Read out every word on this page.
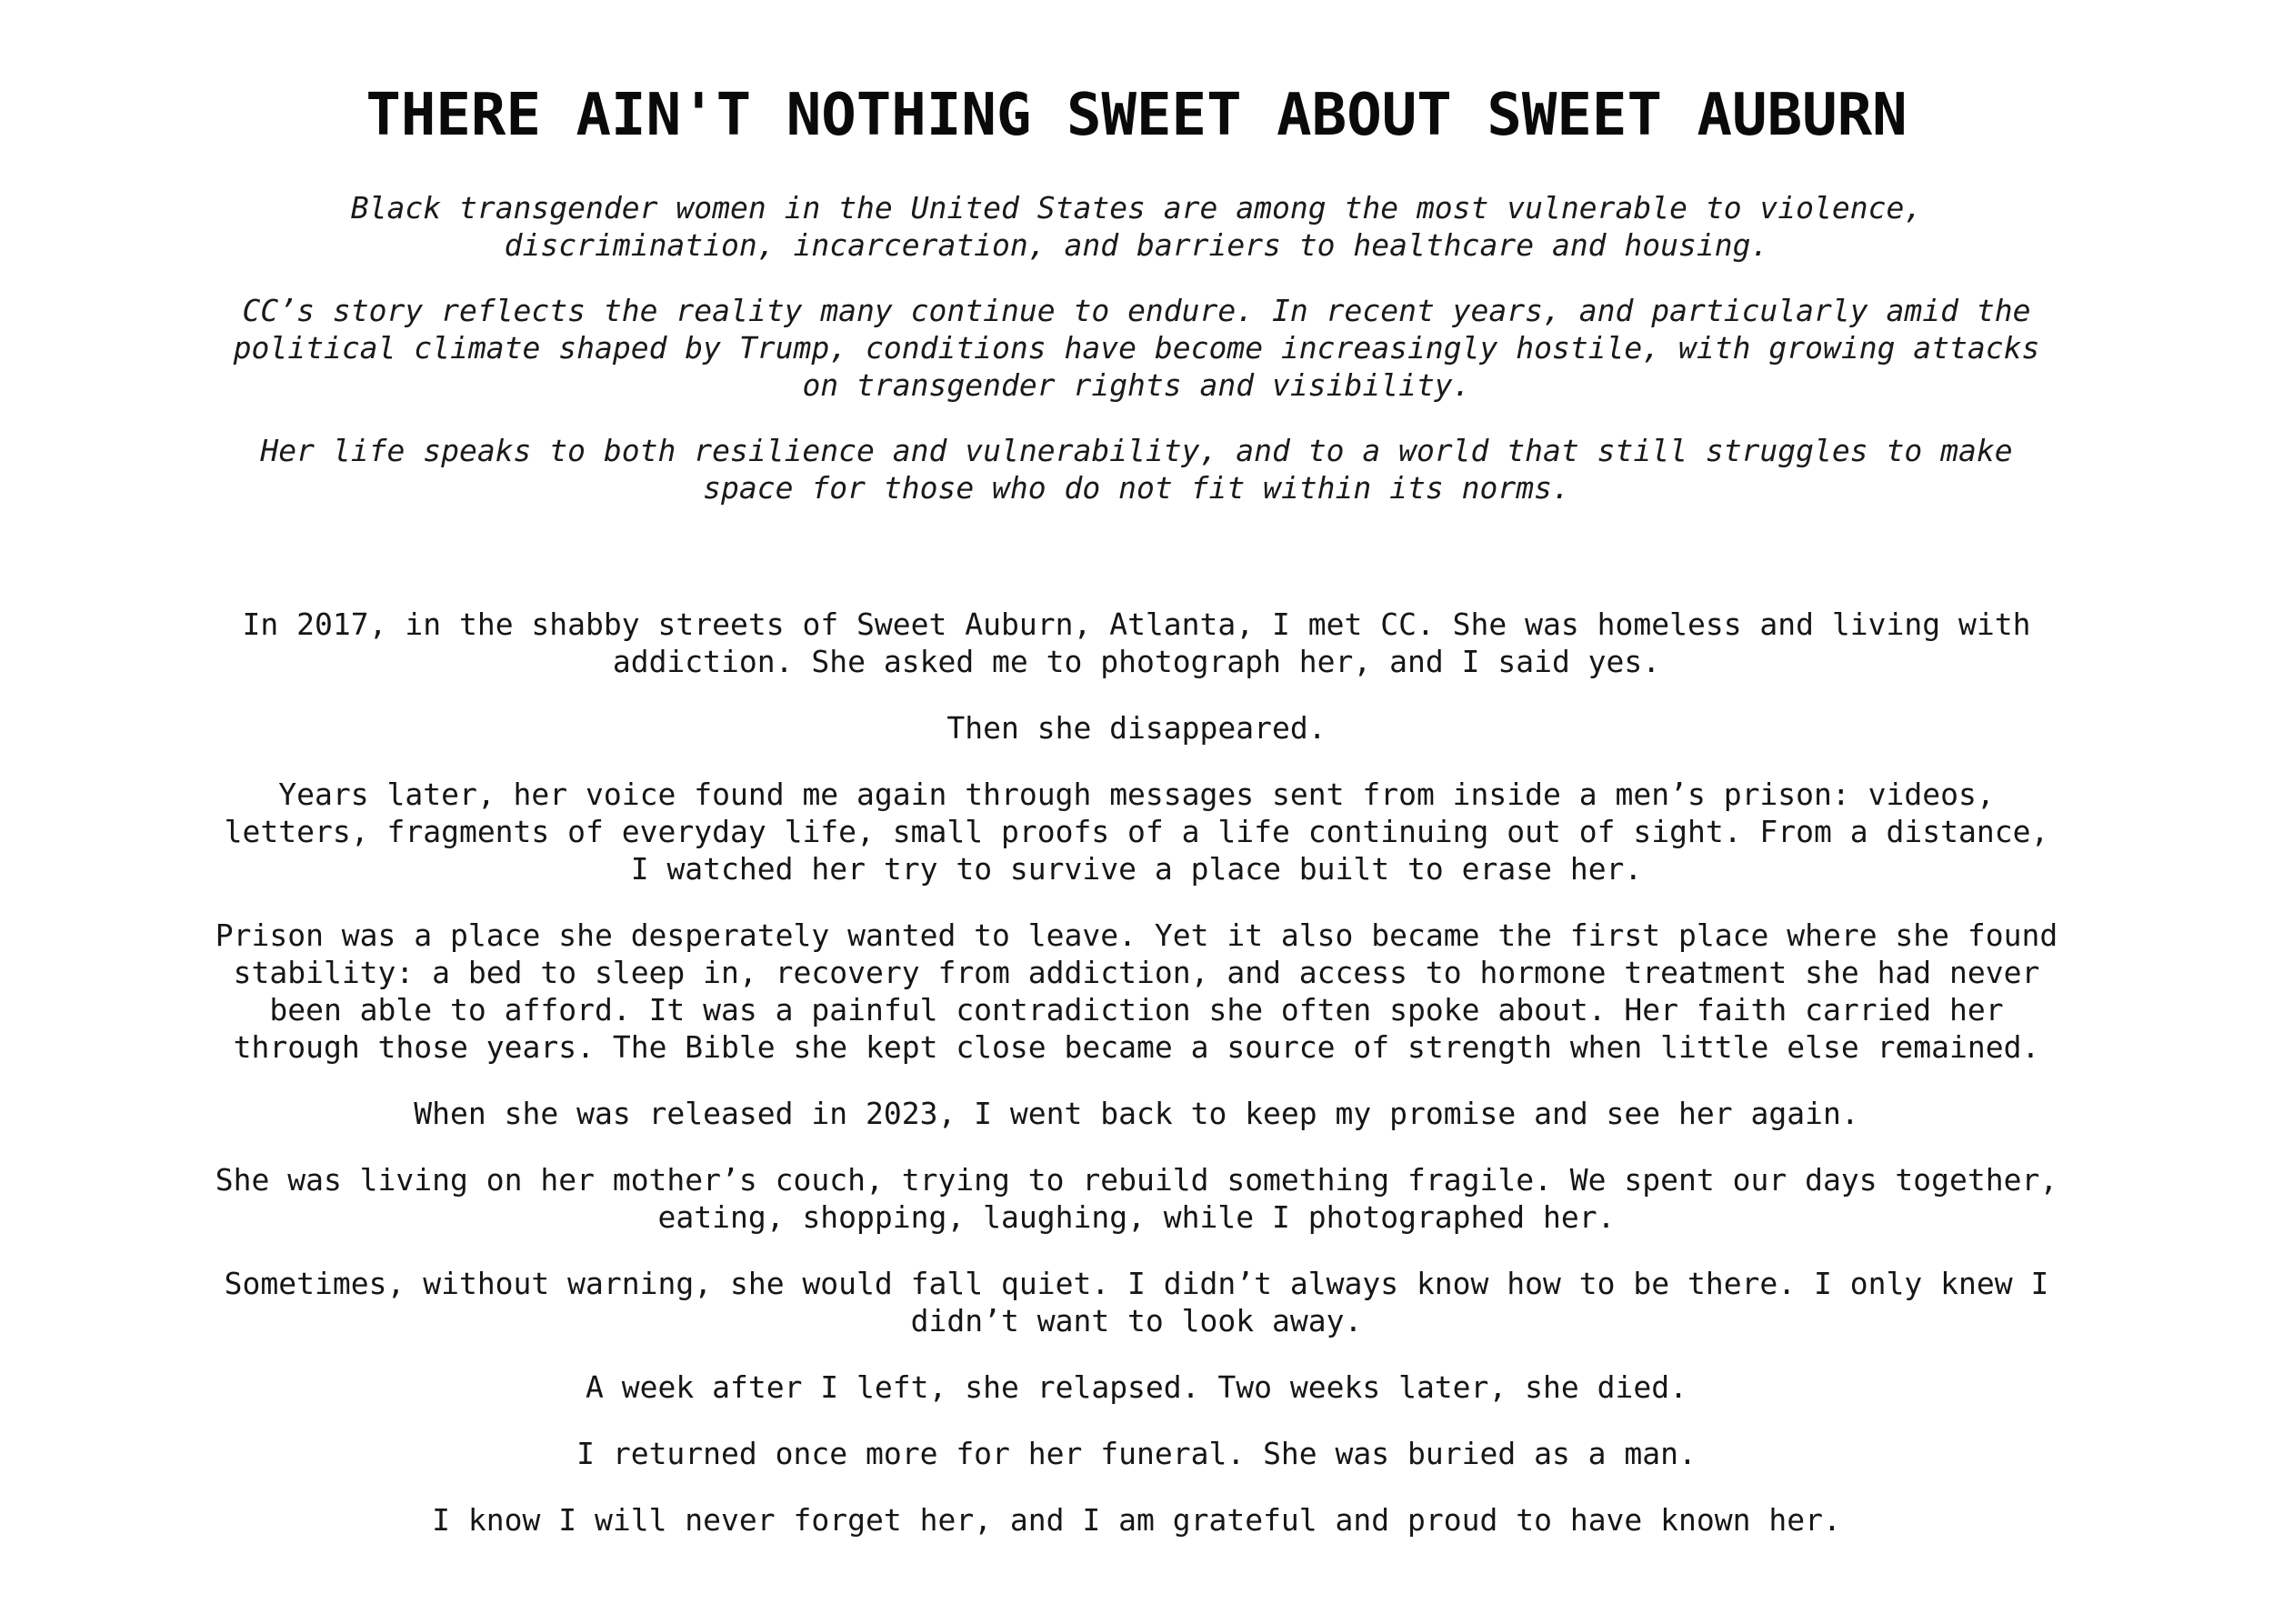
THERE AIN'T NOTHING SWEET ABOUT SWEET AUBURN

Black transgender women in the United States are among the most vulnerable to violence, discrimination, incarceration, and barriers to healthcare and housing.

CC’s story reflects the reality many continue to endure. In recent years, and particularly amid the political climate shaped by Trump, conditions have become increasingly hostile, with growing attacks on transgender rights and visibility.

Her life speaks to both resilience and vulnerability, and to a world that still struggles to make space for those who do not fit within its norms.

In 2017, in the shabby streets of Sweet Auburn, Atlanta, I met CC. She was homeless and living with addiction. She asked me to photograph her, and I said yes.

Then she disappeared.

Years later, her voice found me again through messages sent from inside a men’s prison: videos, letters, fragments of everyday life, small proofs of a life continuing out of sight. From a distance, I watched her try to survive a place built to erase her.

Prison was a place she desperately wanted to leave. Yet it also became the first place where she found stability: a bed to sleep in, recovery from addiction, and access to hormone treatment she had never been able to afford. It was a painful contradiction she often spoke about. Her faith carried her through those years. The Bible she kept close became a source of strength when little else remained.

When she was released in 2023, I went back to keep my promise and see her again.

She was living on her mother’s couch, trying to rebuild something fragile. We spent our days together, eating, shopping, laughing, while I photographed her.

Sometimes, without warning, she would fall quiet. I didn’t always know how to be there. I only knew I didn’t want to look away.

A week after I left, she relapsed. Two weeks later, she died.

I returned once more for her funeral. She was buried as a man.

I know I will never forget her, and I am grateful and proud to have known her.
